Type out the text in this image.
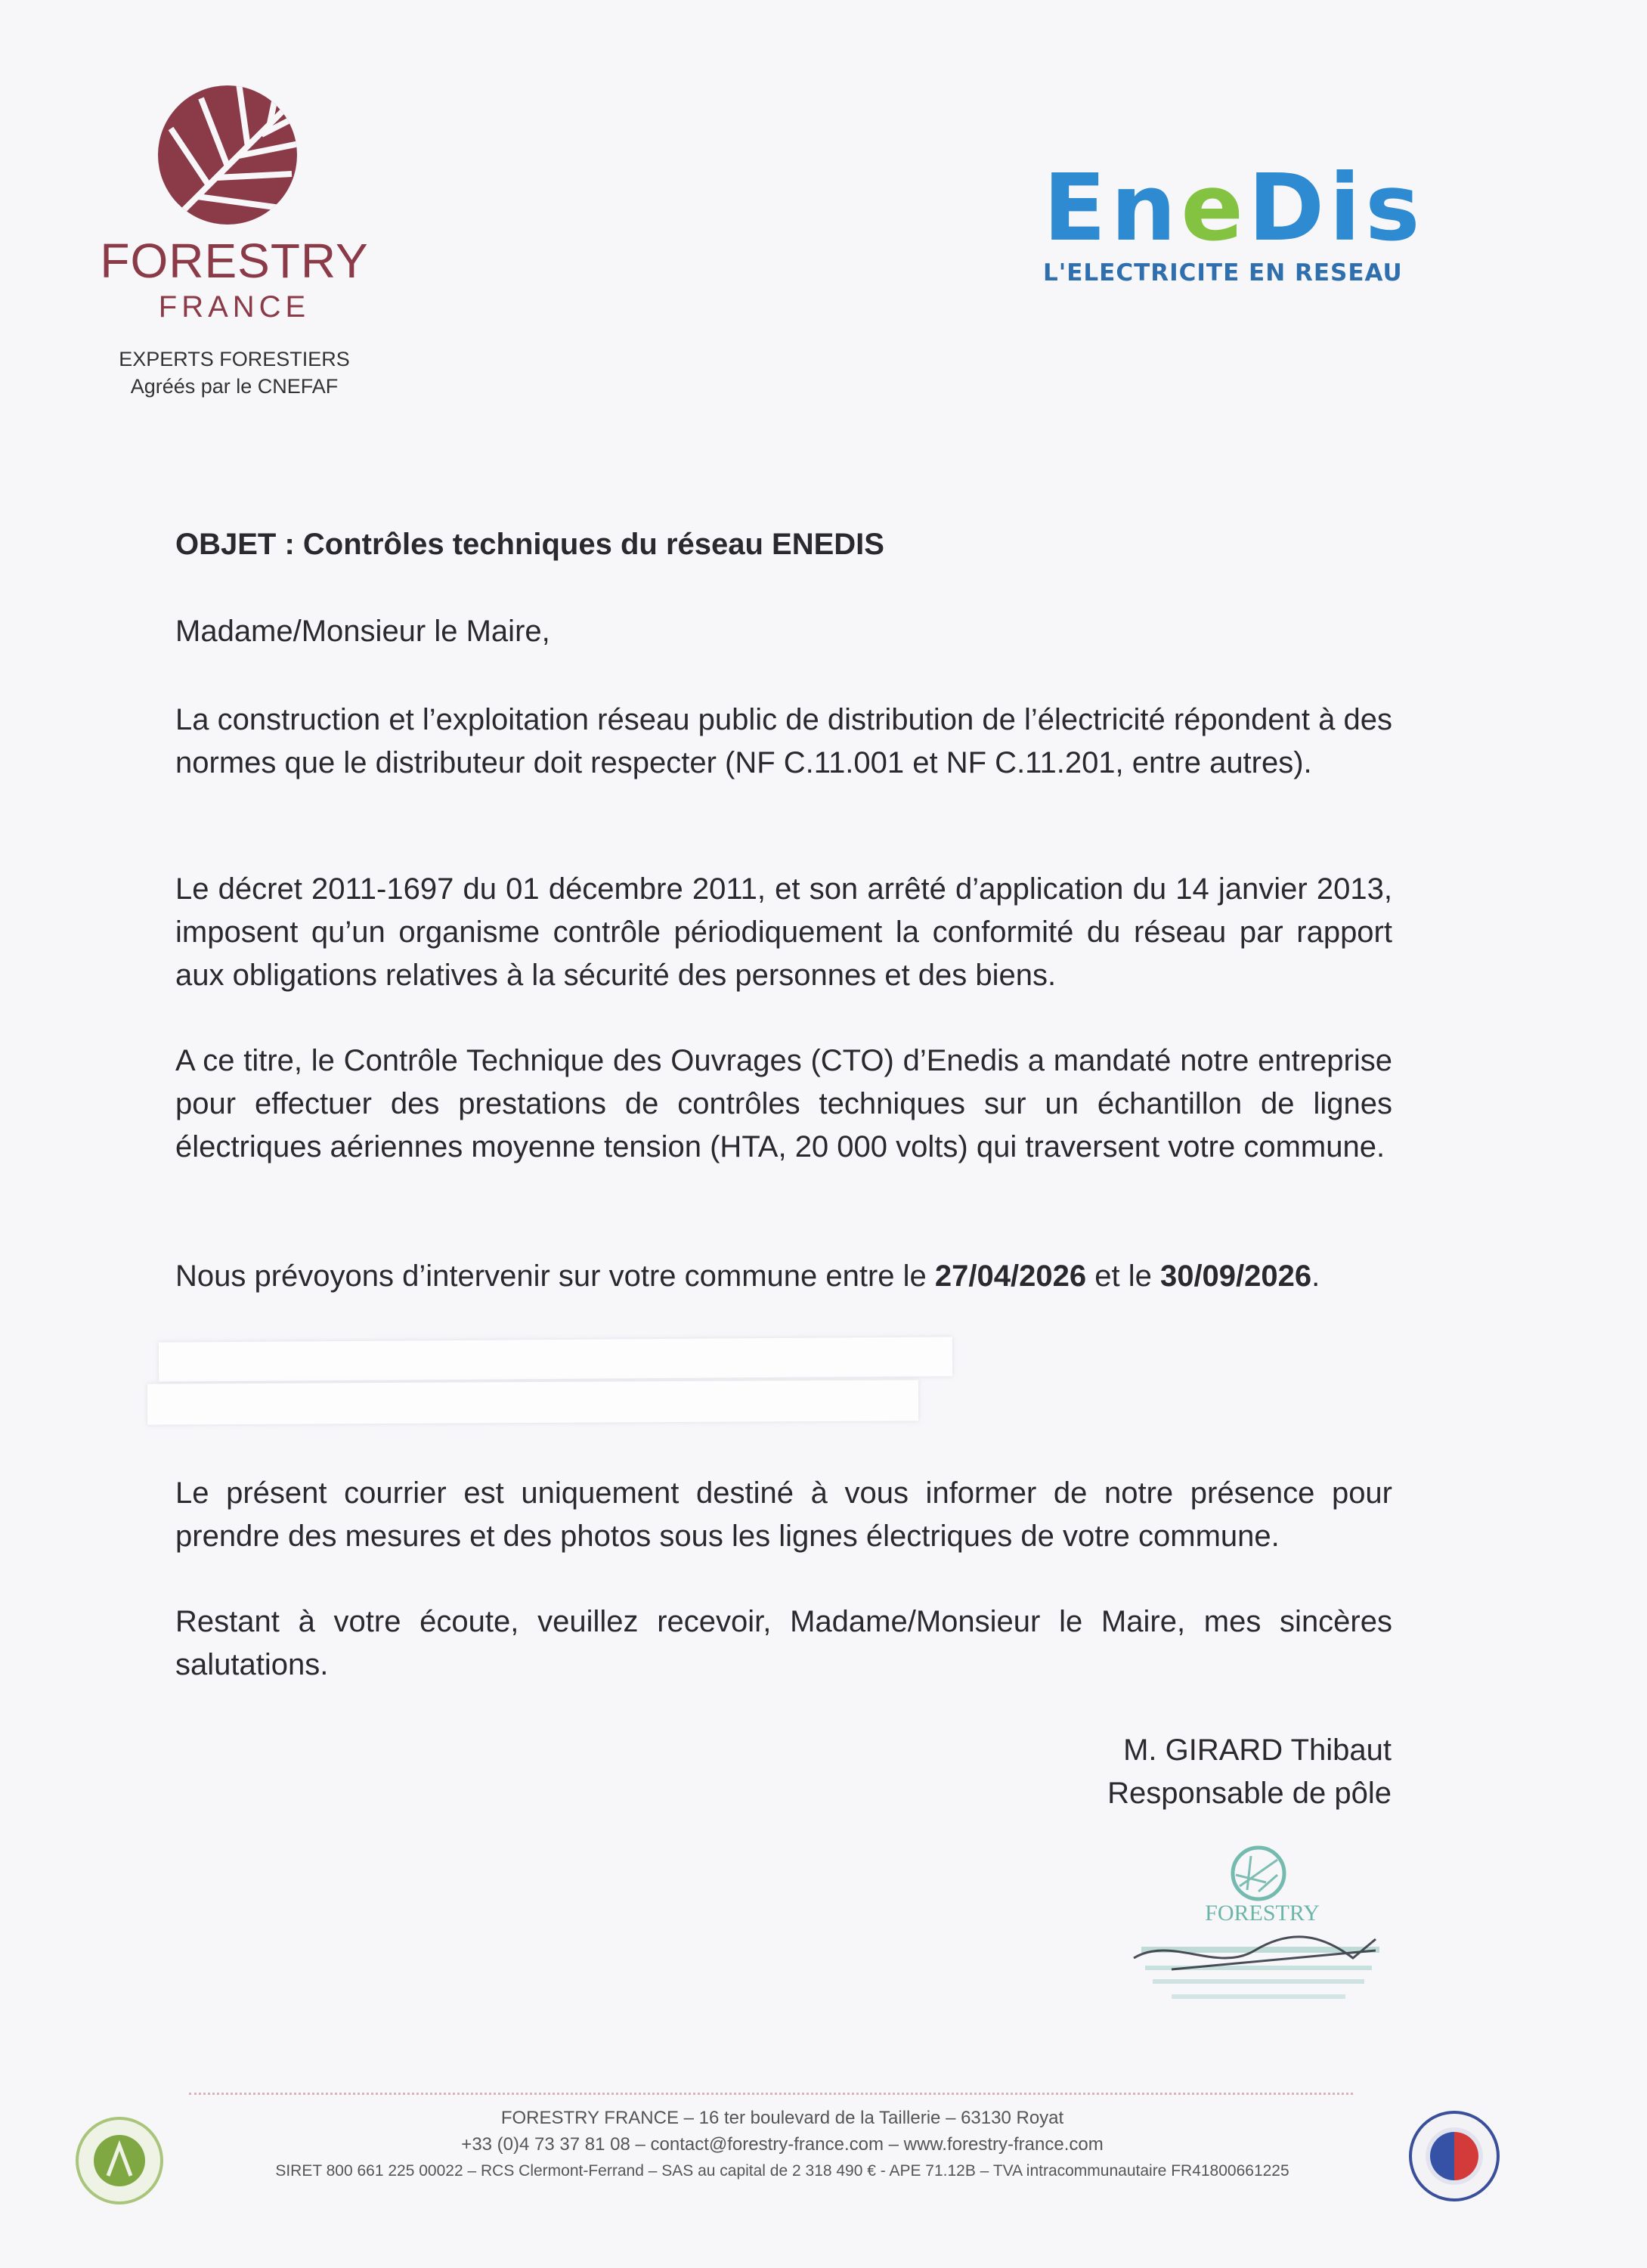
FORESTRY
FRANCE
EXPERTS FORESTIERS
Agréés par le CNEFAF
EneDis
L'ELECTRICITE EN RESEAU
OBJET : Contrôles techniques du réseau ENEDIS
Madame/Monsieur le Maire,
La construction et l’exploitation réseau public de distribution de l’électricité répondent à des normes que le distributeur doit respecter (NF C.11.001 et NF C.11.201, entre autres).
Le décret 2011-1697 du 01 décembre 2011, et son arrêté d’application du 14 janvier 2013, imposent qu’un organisme contrôle périodiquement la conformité du réseau par rapport aux obligations relatives à la sécurité des personnes et des biens.
A ce titre, le Contrôle Technique des Ouvrages (CTO) d’Enedis a mandaté notre entreprise pour effectuer des prestations de contrôles techniques sur un échantillon de lignes électriques aériennes moyenne tension (HTA, 20 000 volts) qui traversent votre commune.
Nous prévoyons d’intervenir sur votre commune entre le 27/04/2026 et le 30/09/2026.
Le présent courrier est uniquement destiné à vous informer de notre présence pour prendre des mesures et des photos sous les lignes électriques de votre commune.
Restant à votre écoute, veuillez recevoir, Madame/Monsieur le Maire, mes sincères salutations.
M. GIRARD Thibaut
Responsable de pôle
FORESTRY
FORESTRY FRANCE – 16 ter boulevard de la Taillerie – 63130 Royat
+33 (0)4 73 37 81 08 – contact@forestry-france.com – www.forestry-france.com
SIRET 800 661 225 00022 – RCS Clermont-Ferrand – SAS au capital de 2 318 490 € - APE 71.12B – TVA intracommunautaire FR41800661225
